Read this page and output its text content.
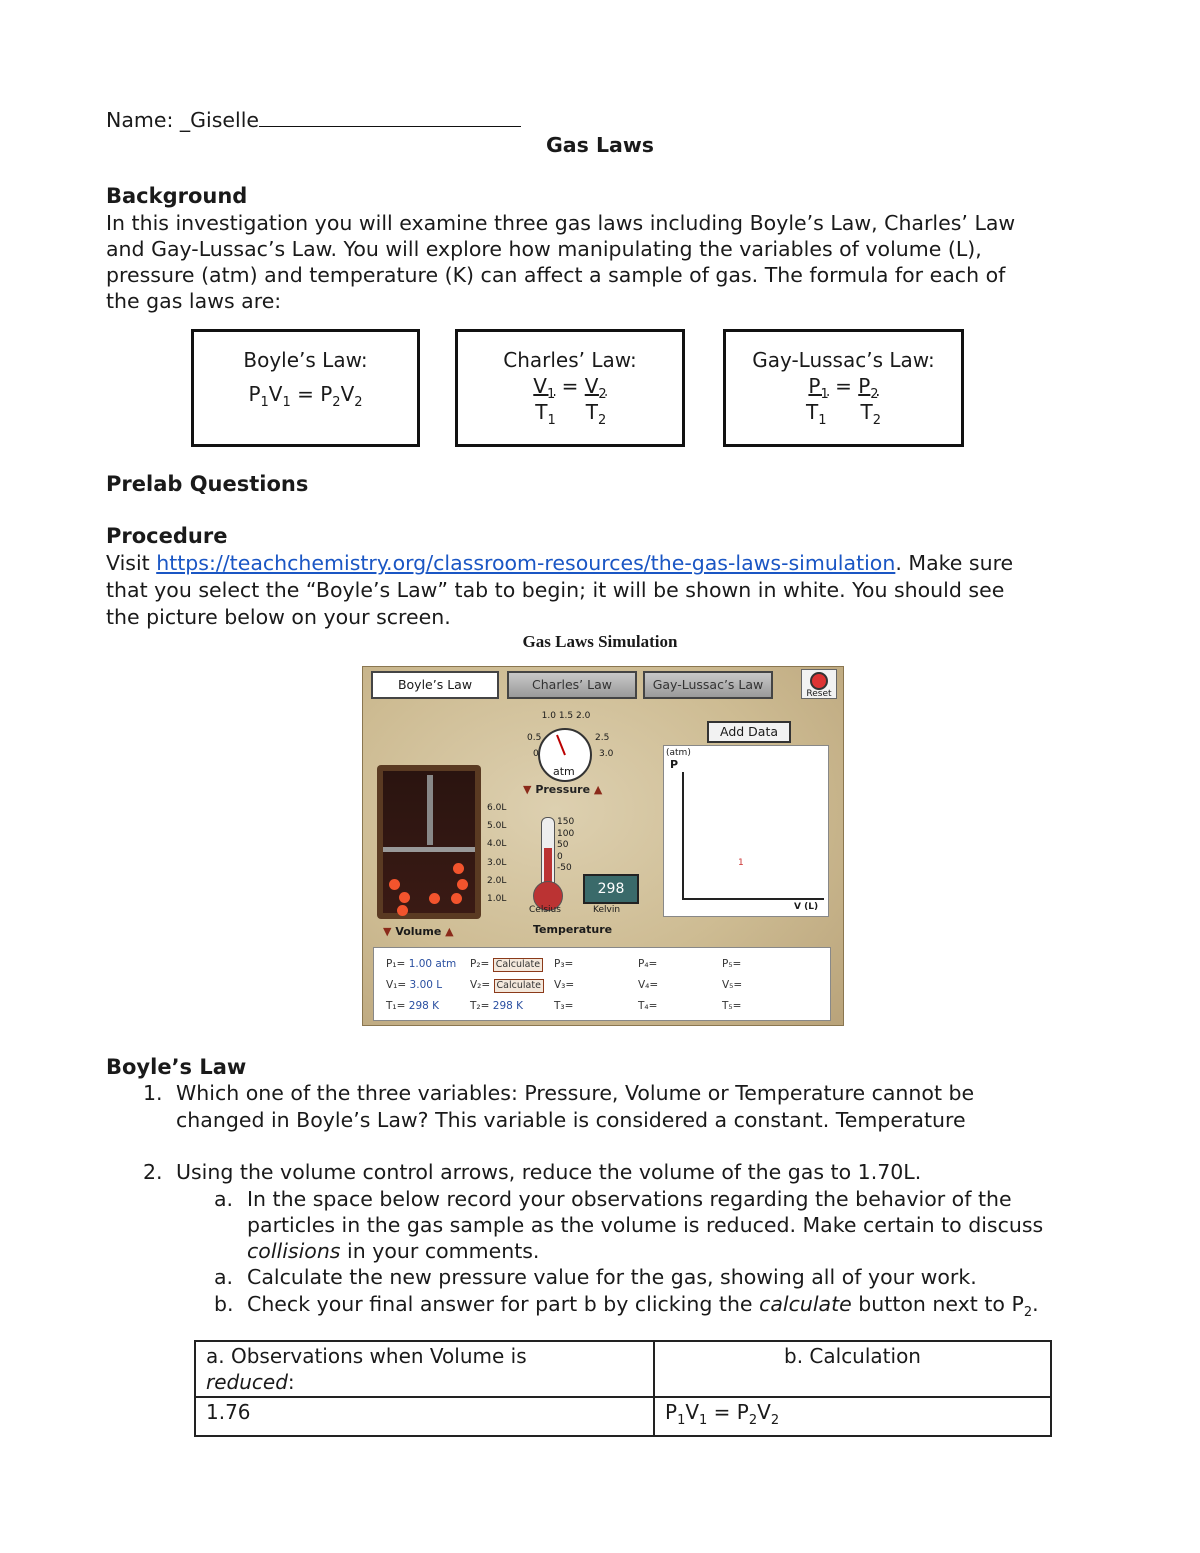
Name: _Giselle
Gas Laws
Background
In this investigation you will examine three gas laws including Boyle’s Law, Charles’ Law
and Gay-Lussac’s Law. You will explore how manipulating the variables of volume (L),
pressure (atm) and temperature (K) can affect a sample of gas. The formula for each of
the gas laws are:
Boyle’s Law:
$P_1V_1 = P_2V_2$
Charles’ Law:
$V_1 = V_2$
$T_1$ $T_2$
Gay-Lussac’s Law:
$P_1 = P_2$
$T_1$ $T_2$
Prelab Questions
Procedure
Visit https://teachchemistry.org/classroom-resources/the-gas-laws-simulation. Make sure
that you select the “Boyle’s Law” tab to begin; it will be shown in white. You should see
the picture below on your screen.
Gas Laws Simulation
Boyle’s Law	Charles’ Law	Gay-Lussac’s Law
Reset
1.0 1.5 2.0
0.5	2.5
0	3.0
atm
▼ Pressure ▲
Add Data
6.0L
5.0L
4.0L
3.0L
2.0L
1.0L
▼ Volume ▲
150
100
50
0
-50
298
Celsius	Kelvin
Temperature
(atm)
P
1
V (L)
P₁= 1.00 atm
V₁= 3.00 L
T₁= 298 K
P₂= Calculate
V₂= Calculate
T₂= 298 K
P₃=
V₃=
T₃=
P₄=
V₄=
T₄=
P₅=
V₅=
T₅=
Boyle’s Law
1. Which one of the three variables: Pressure, Volume or Temperature cannot be
changed in Boyle’s Law? This variable is considered a constant. Temperature
2. Using the volume control arrows, reduce the volume of the gas to 1.70L.
a. In the space below record your observations regarding the behavior of the
particles in the gas sample as the volume is reduced. Make certain to discuss
collisions in your comments.
a. Calculate the new pressure value for the gas, showing all of your work.
b. Check your final answer for part b by clicking the calculate button next to $P_2$.
a. Observations when Volume is
reduced:	b. Calculation
1.76	$P_1V_1 = P_2V_2$
